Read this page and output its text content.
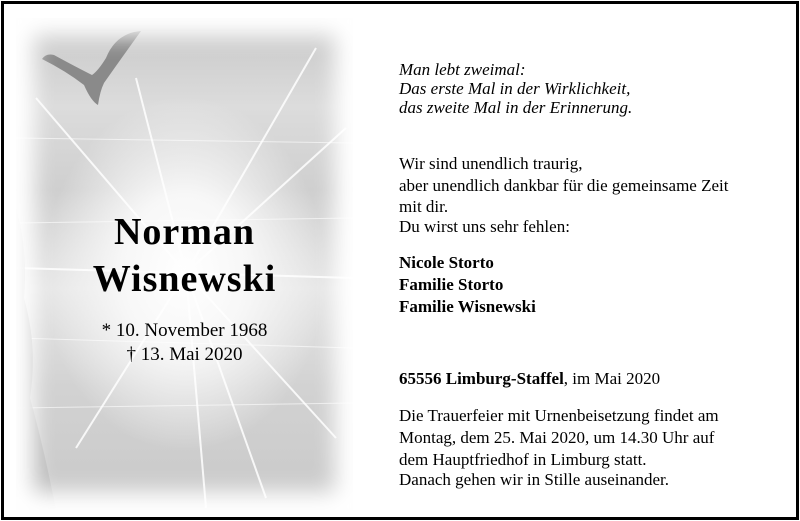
Norman
Wisnewski
* 10. November 1968
† 13. Mai 2020
Man lebt zweimal:
Das erste Mal in der Wirklichkeit,
das zweite Mal in der Erinnerung.
Wir sind unendlich traurig,
aber unendlich dankbar für die gemeinsame Zeit
mit dir.
Du wirst uns sehr fehlen:
Nicole Storto
Familie Storto
Familie Wisnewski
65556 Limburg-Staffel, im Mai 2020
Die Trauerfeier mit Urnenbeisetzung findet am
Montag, dem 25. Mai 2020, um 14.30 Uhr auf
dem Hauptfriedhof in Limburg statt.
Danach gehen wir in Stille auseinander.
